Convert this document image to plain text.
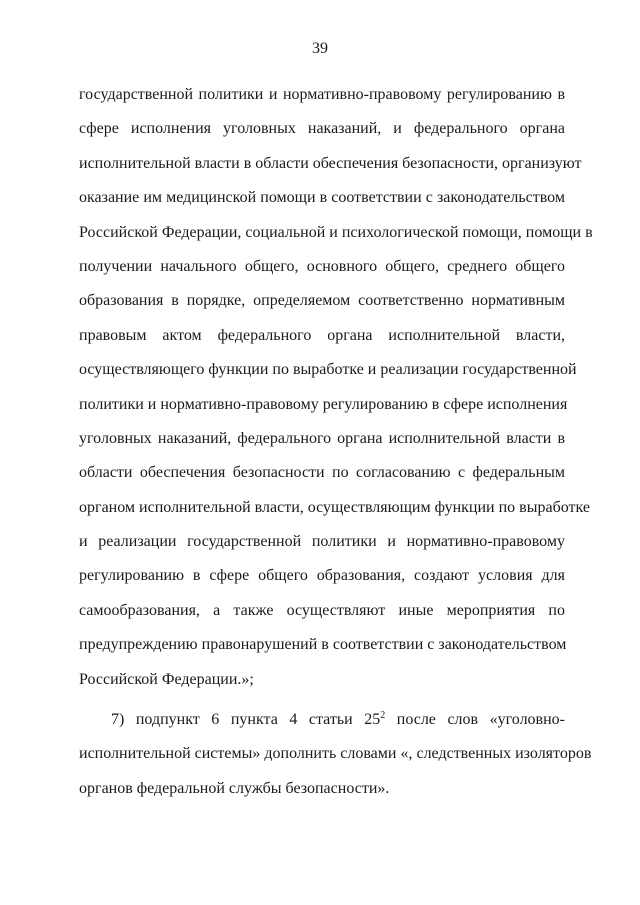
39
государственной политики и нормативно-правовому регулированию в
сфере исполнения уголовных наказаний, и федерального органа
исполнительной власти в области обеспечения безопасности, организуют
оказание им медицинской помощи в соответствии с законодательством
Российской Федерации, социальной и психологической помощи, помощи в
получении начального общего, основного общего, среднего общего
образования в порядке, определяемом соответственно нормативным
правовым актом федерального органа исполнительной власти,
осуществляющего функции по выработке и реализации государственной
политики и нормативно-правовому регулированию в сфере исполнения
уголовных наказаний, федерального органа исполнительной власти в
области обеспечения безопасности по согласованию с федеральным
органом исполнительной власти, осуществляющим функции по выработке
и реализации государственной политики и нормативно-правовому
регулированию в сфере общего образования, создают условия для
самообразования, а также осуществляют иные мероприятия по
предупреждению правонарушений в соответствии с законодательством
Российской Федерации.»;
7) подпункт 6 пункта 4 статьи $25^2$ после слов «уголовно-
исполнительной системы» дополнить словами «, следственных изоляторов
органов федеральной службы безопасности».
